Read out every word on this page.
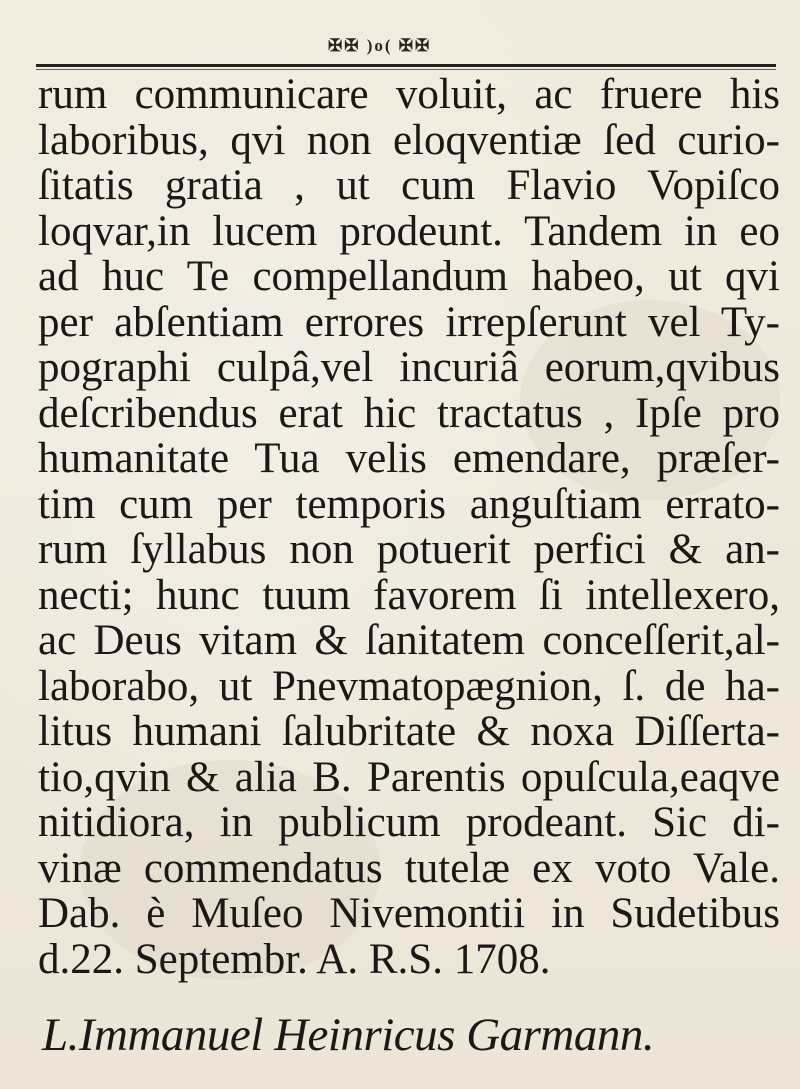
✠✠ )o( ✠✠
rum communicare voluit, ac fruere his
laboribus, qvi non eloqventiæ ſed curio-
ſitatis gratia , ut cum Flavio Vopiſco
loqvar,in lucem prodeunt. Tandem in eo
ad huc Te compellandum habeo, ut qvi
per abſentiam errores irrepſerunt vel Ty-
pographi culpâ,vel incuriâ eorum,qvibus
deſcribendus erat hic tractatus , Ipſe pro
humanitate Tua velis emendare, præſer-
tim cum per temporis anguſtiam errato-
rum ſyllabus non potuerit perfici & an-
necti; hunc tuum favorem ſi intellexero,
ac Deus vitam & ſanitatem conceſſerit,al-
laborabo, ut Pnevmatopægnion, ſ. de ha-
litus humani ſalubritate & noxa Diſſerta-
tio,qvin & alia B. Parentis opuſcula,eaqve
nitidiora, in publicum prodeant. Sic di-
vinæ commendatus tutelæ ex voto Vale.
Dab. è Muſeo Nivemontii in Sudetibus
d.22. Septembr. A. R.S. 1708.
L.Immanuel Heinricus Garmann.
